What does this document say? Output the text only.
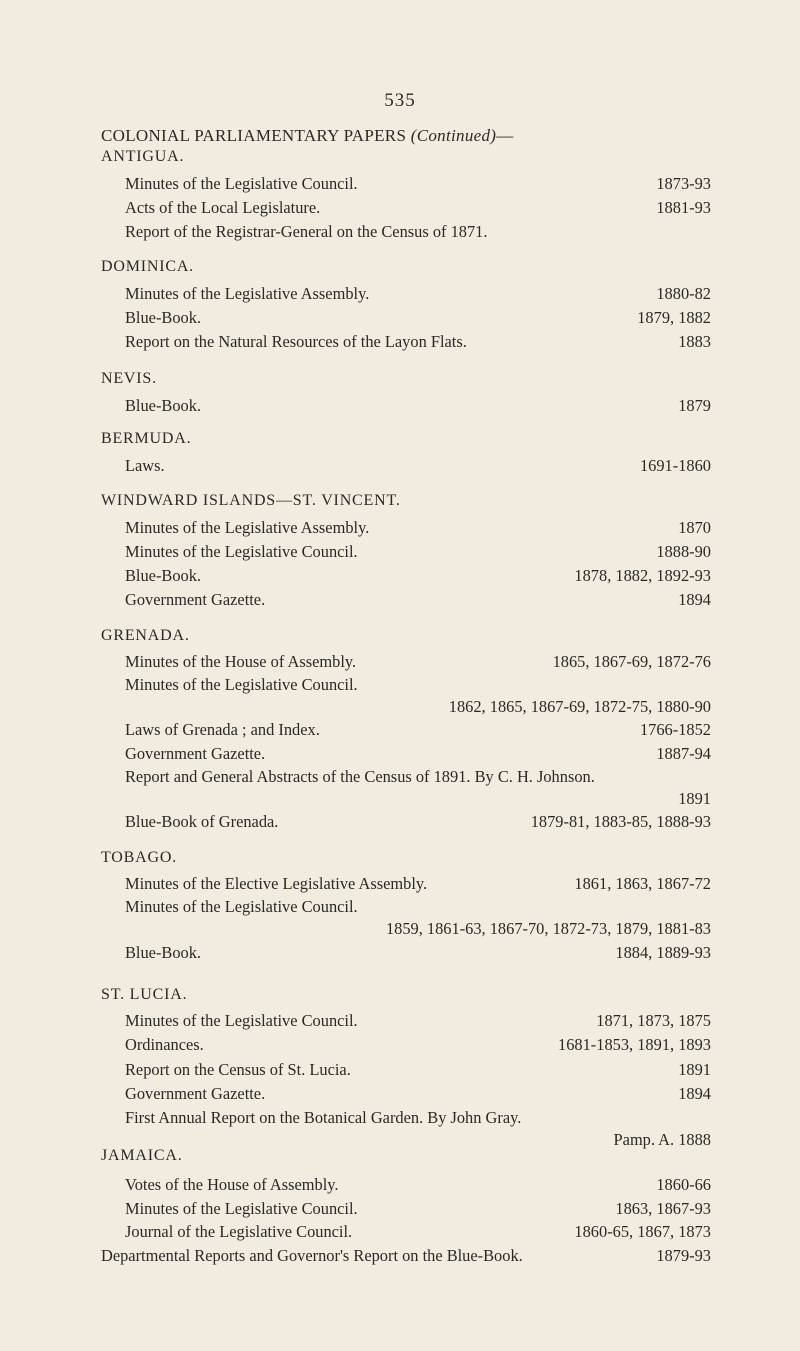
535
COLONIAL PARLIAMENTARY PAPERS (Continued)—
ANTIGUA.
Minutes of the Legislative Council.	1873-93
Acts of the Local Legislature.	1881-93
Report of the Registrar-General on the Census of 1871.
DOMINICA.
Minutes of the Legislative Assembly.	1880-82
Blue-Book.	1879, 1882
Report on the Natural Resources of the Layon Flats.	1883
NEVIS.
Blue-Book.	1879
BERMUDA.
Laws.	1691-1860
WINDWARD ISLANDS—ST. VINCENT.
Minutes of the Legislative Assembly.	1870
Minutes of the Legislative Council.	1888-90
Blue-Book.	1878, 1882, 1892-93
Government Gazette.	1894
GRENADA.
Minutes of the House of Assembly.	1865, 1867-69, 1872-76
Minutes of the Legislative Council.
1862, 1865, 1867-69, 1872-75, 1880-90
Laws of Grenada ; and Index.	1766-1852
Government Gazette.	1887-94
Report and General Abstracts of the Census of 1891. By C. H. Johnson.
1891
Blue-Book of Grenada.	1879-81, 1883-85, 1888-93
TOBAGO.
Minutes of the Elective Legislative Assembly.	1861, 1863, 1867-72
Minutes of the Legislative Council.
1859, 1861-63, 1867-70, 1872-73, 1879, 1881-83
Blue-Book.	1884, 1889-93
ST. LUCIA.
Minutes of the Legislative Council.	1871, 1873, 1875
Ordinances.	1681-1853, 1891, 1893
Report on the Census of St. Lucia.	1891
Government Gazette.	1894
First Annual Report on the Botanical Garden. By John Gray.
Pamp. A. 1888
JAMAICA.
Votes of the House of Assembly.	1860-66
Minutes of the Legislative Council.	1863, 1867-93
Journal of the Legislative Council.	1860-65, 1867, 1873
Departmental Reports and Governor's Report on the Blue-Book.	1879-93
